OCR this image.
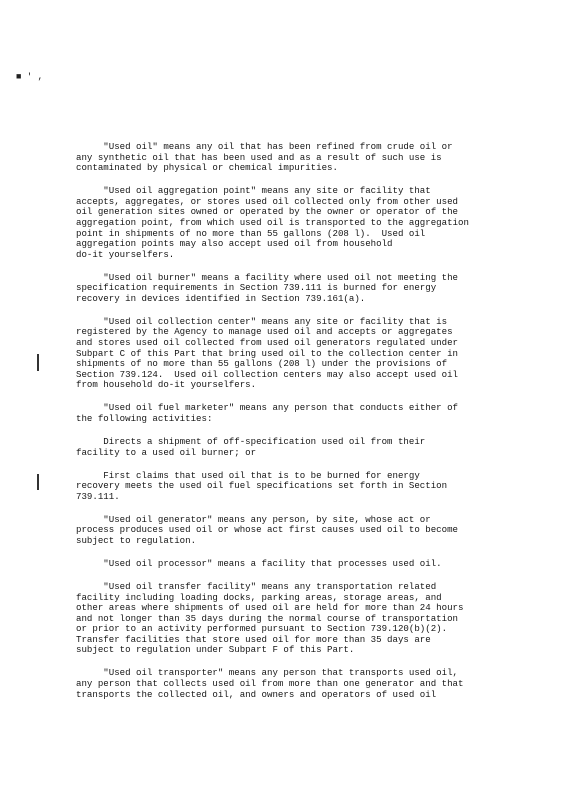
■ ' ,

"Used oil" means any oil that has been refined from crude oil or
any synthetic oil that has been used and as a result of such use is
contaminated by physical or chemical impurities.

"Used oil aggregation point" means any site or facility that
accepts, aggregates, or stores used oil collected only from other used
oil generation sites owned or operated by the owner or operator of the
aggregation point, from which used oil is transported to the aggregation
point in shipments of no more than 55 gallons (208 l).  Used oil
aggregation points may also accept used oil from household
do-it yourselfers.

"Used oil burner" means a facility where used oil not meeting the
specification requirements in Section 739.111 is burned for energy
recovery in devices identified in Section 739.161(a).

"Used oil collection center" means any site or facility that is
registered by the Agency to manage used oil and accepts or aggregates
and stores used oil collected from used oil generators regulated under
Subpart C of this Part that bring used oil to the collection center in
shipments of no more than 55 gallons (208 l) under the provisions of
Section 739.124.  Used oil collection centers may also accept used oil
from household do-it yourselfers.

"Used oil fuel marketer" means any person that conducts either of
the following activities:

Directs a shipment of off-specification used oil from their
facility to a used oil burner; or

First claims that used oil that is to be burned for energy
recovery meets the used oil fuel specifications set forth in Section
739.111.

"Used oil generator" means any person, by site, whose act or
process produces used oil or whose act first causes used oil to become
subject to regulation.

"Used oil processor" means a facility that processes used oil.

"Used oil transfer facility" means any transportation related
facility including loading docks, parking areas, storage areas, and
other areas where shipments of used oil are held for more than 24 hours
and not longer than 35 days during the normal course of transportation
or prior to an activity performed pursuant to Section 739.120(b)(2).
Transfer facilities that store used oil for more than 35 days are
subject to regulation under Subpart F of this Part.

"Used oil transporter" means any person that transports used oil,
any person that collects used oil from more than one generator and that
transports the collected oil, and owners and operators of used oil
